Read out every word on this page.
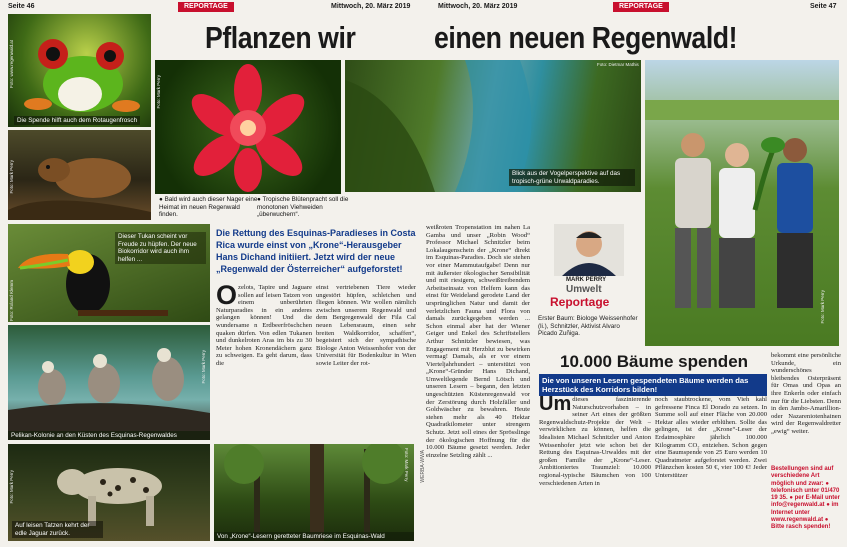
Seite 46	REPORTAGE	Mittwoch, 20. März 2019	Mittwoch, 20. März 2019	REPORTAGE	Seite 47
Pflanzen wir	einen neuen Regenwald!
Die Spende hilft auch dem Rotaugenfrosch
Foto: www.regenwald.at
Foto: Mark Perry
● Bald wird auch dieser Nager eine Heimat im neuen Regenwald finden.
● Tropische Blütenpracht soll die monotonen Viehweiden „überwuchern“.
Foto: Mark Perry
Blick aus der Vogelperspektive auf das tropisch-grüne Urwaldparadies.
Foto: Dietmar Mathis
Foto: Mark Perry
Dieser Tukan scheint vor Freude zu hüpfen. Der neue Biokorridor wird auch ihm helfen ...
Foto: Roland Klemm
Pelikan-Kolonie an den Küsten des Esquinas-Regenwaldes
Foto: Mark Perry
Auf leisen Tatzen kehrt der edle Jaguar zurück.
Foto: Mark Perry
Von „Krone“-Lesern geretteter Baumriese im Esquinas-Wald
Foto: Mark Perry WERBA-WWA
Die Rettung des Esquinas-Paradieses in Costa Rica wurde einst von „Krone“-Herausgeber Hans Dichand initiiert. Jetzt wird der neue „Regenwald der Österreicher“ aufgeforstet!
Ozelots, Tapire und Jaguare sollen auf leisen Tatzen von einem unberührten Naturparadies in ein anderes gelangen können! Und die wundersame n Erdbeerfröschchen quaken dürfen. Von edlen Tukanen und dunkelroten Aras im bis zu 30 Meter hohen Kronendächern ganz zu schweigen. Es geht darum, dass die
einst vertriebenen Tiere wieder ungestört hüpfen, schleichen und fliegen können. Wir wollen nämlich zwischen unserem Regenwald und dem Bergregenwald der Fila Cal neuen Lebensraum, einen sehr breiten Waldkorridor, schaffen“, begeistert sich der sympathische Biologe Anton Weissenhofer von der Universität für Bodenkultur in Wien sowie Leiter der rot-
weißroten Tropenstation im nahen La Gamba und unser „Robin Wood“ Professor Michael Schnitzler beim Lokalaugenschein der „Krone“ direkt im Esquinas-Paradies. Doch sie stehen vor einer Mammutaufgabe! Denn nur mit äußerster ökologischer Sensibilität und mit riesigem, schweißtreibendem Arbeitseinsatz von Helfern kann das einst für Weideland gerodete Land der ursprünglichen Natur und damit der verletzlichen Fauna und Flora von damals zurückgegeben werden ... Schon einmal aber hat der Wiener Geiger und Enkel des Schriftstellers Arthur Schnitzler bewiesen, was Engagement mit Herzblut zu bewirken vermag! Damals, als er vor einem Vierteljahrhundert – unterstützt von „Krone“-Gründer Hans Dichand, Umweltlegende Bernd Lötsch und unseren Lesern – begann, den letzten ungeschützten Küstenregenwald vor der Zerstörung durch Holzfäller und Goldwäscher zu bewahren. Heute stehen mehr als 40 Hektar Quadratkilometer unter strengem Schutz. Jetzt soll eines der Sprösslinge der ökologischen Hoffnung für die 10.000 Bäume gesetzt werden. Jeder einzelne Setzling zählt ...
MARK PERRY
Umwelt
Reportage
Erster Baum: Biologe Weissenhofer (li.), Schnitzler, Aktivist Alvaro Picado Zuñiga.
10.000 Bäume spenden
Die von unseren Lesern gespendeten Bäume werden das Herzstück des Korridors bilden!
Um dieses faszinierende Naturschutzvorhaben – in seiner Art eines der größten Regenwaldschutz-Projekte der Welt – verwirklichen zu können, helfen die Idealisten Michael Schnitzler und Anton Weissenhofer jetzt wie schon bei der Rettung des Esquinas-Urwaldes mit der großen Familie der „Krone“-Leser. Ambitioniertes Traumziel: 10.000 regional-typische Bäumchen von 100 verschiedenen Arten in
noch staubtrockene, vom Vieh kahl gefressene Finca El Dorado zu setzen. In Summe soll auf einer Fläche von 20.000 Hektar alles wieder erblühen. Sollte das gelingen, ist der „Krone“-Leser der Erdatmosphäre jährlich 100.000 Kilogramm CO₂ entziehen. Schon gegen eine Baumspende von 25 Euro werden 10 Quadratmeter aufgeforstet werden. Zwei Pflänzchen kosten 50 €, vier 100 €! Jeder Unterstützer
bekommt eine persönliche Urkunde, ein wunderschönes bleibendes Osterpräsent für Omas und Opas an ihre Enkerln oder einfach nur für die Liebsten. Denn in den Jambo-Amarillion- oder Nazareniotenhainen wird der Regenwaldretter „ewig“ weiter.
Bestellungen sind auf verschiedene Art möglich und zwar: ● telefonisch unter 01/470 19 35. ● per E-Mail unter info@regenwald.at ● im Internet unter www.regenwald.at ● Bitte rasch spenden!
